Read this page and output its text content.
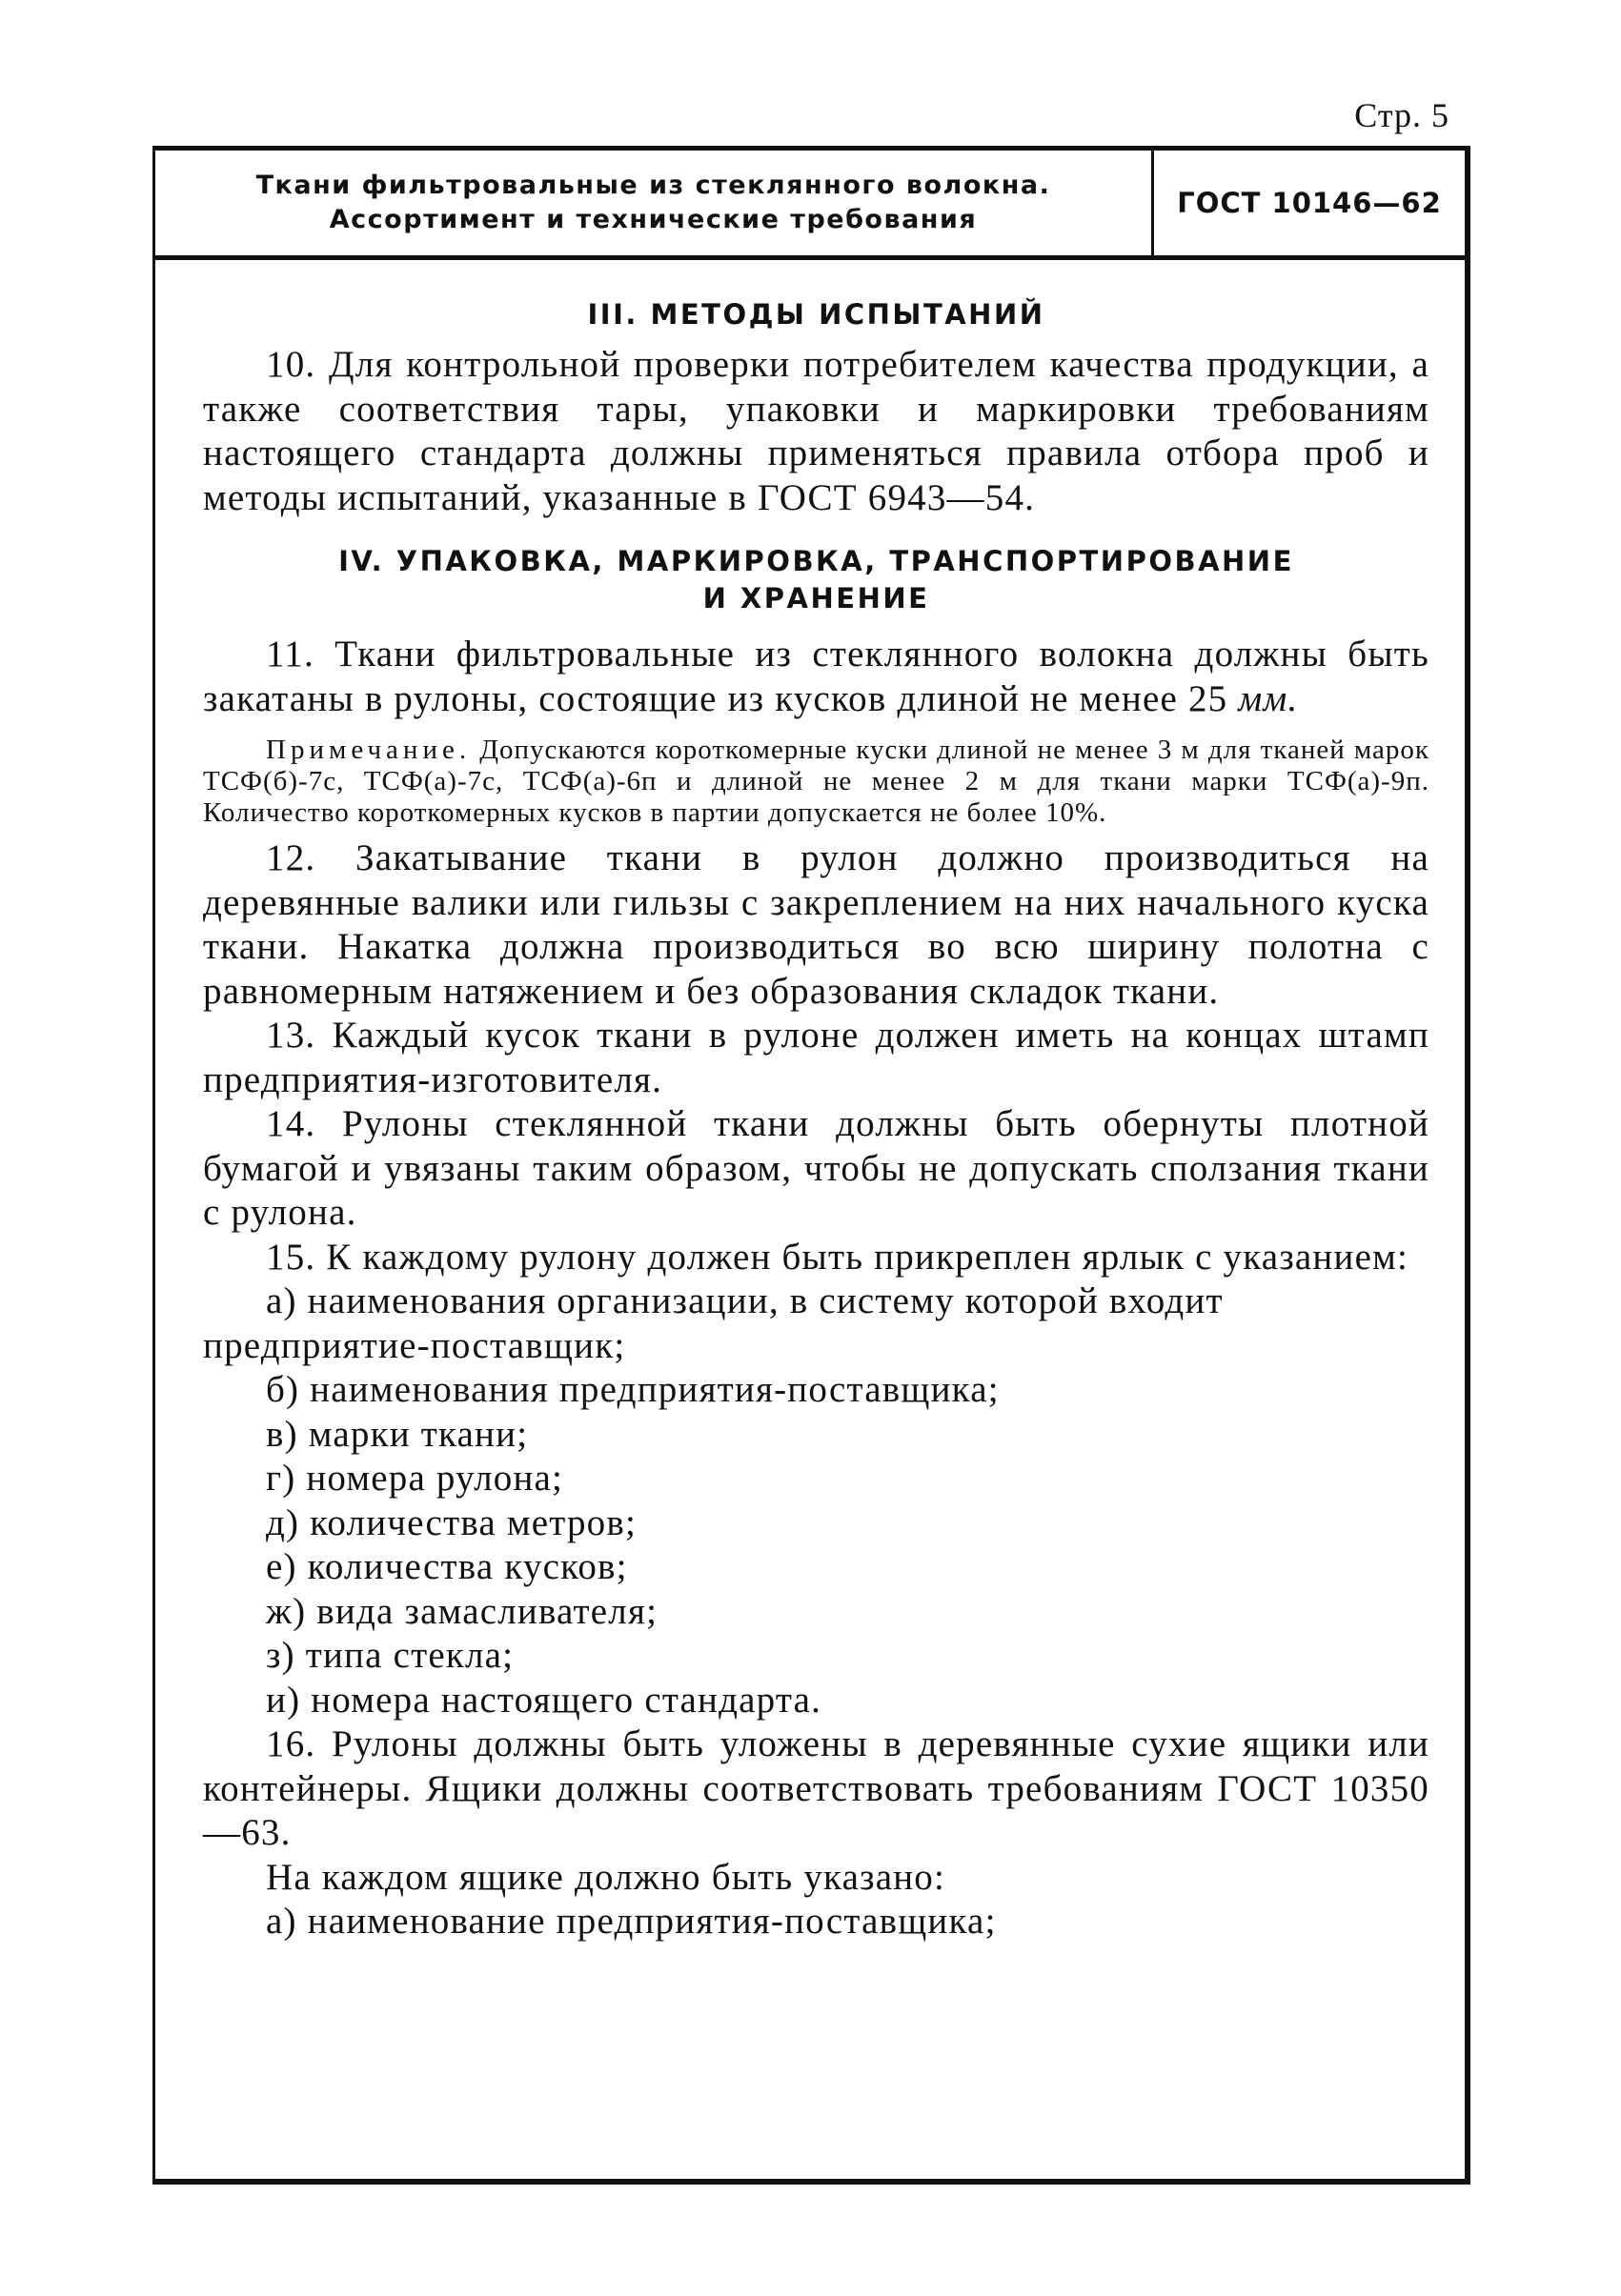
Стр. 5
Ткани фильтровальные из стеклянного волокна.
Ассортимент и технические требования
ГОСТ 10146—62
III. МЕТОДЫ ИСПЫТАНИЙ

10. Для контрольной проверки потребителем качества продукции, а также соответствия тары, упаковки и маркировки требованиям настоящего стандарта должны применяться правила отбора проб и методы испытаний, указанные в ГОСТ 6943—54.

IV. УПАКОВКА, МАРКИРОВКА, ТРАНСПОРТИРОВАНИЕ
И ХРАНЕНИЕ

11. Ткани фильтровальные из стеклянного волокна должны быть закатаны в рулоны, состоящие из кусков длиной не менее 25 мм.

Примечание. Допускаются короткомерные куски длиной не менее 3 м для тканей марок ТСФ(б)-7с, ТСФ(а)-7с, ТСФ(а)-6п и длиной не менее 2 м для ткани марки ТСФ(а)-9п. Количество короткомерных кусков в партии допускается не более 10%.

12. Закатывание ткани в рулон должно производиться на деревянные валики или гильзы с закреплением на них начального куска ткани. Накатка должна производиться во всю ширину полотна с равномерным натяжением и без образования складок ткани.

13. Каждый кусок ткани в рулоне должен иметь на концах штамп предприятия-изготовителя.

14. Рулоны стеклянной ткани должны быть обернуты плотной бумагой и увязаны таким образом, чтобы не допускать сползания ткани с рулона.

15. К каждому рулону должен быть прикреплен ярлык с указанием:

а) наименования организации, в систему которой входит предприятие-поставщик;

б) наименования предприятия-поставщика;

в) марки ткани;

г) номера рулона;

д) количества метров;

е) количества кусков;

ж) вида замасливателя;

з) типа стекла;

и) номера настоящего стандарта.

16. Рулоны должны быть уложены в деревянные сухие ящики или контейнеры. Ящики должны соответствовать требованиям ГОСТ 10350—63.

На каждом ящике должно быть указано:

а) наименование предприятия-поставщика;
